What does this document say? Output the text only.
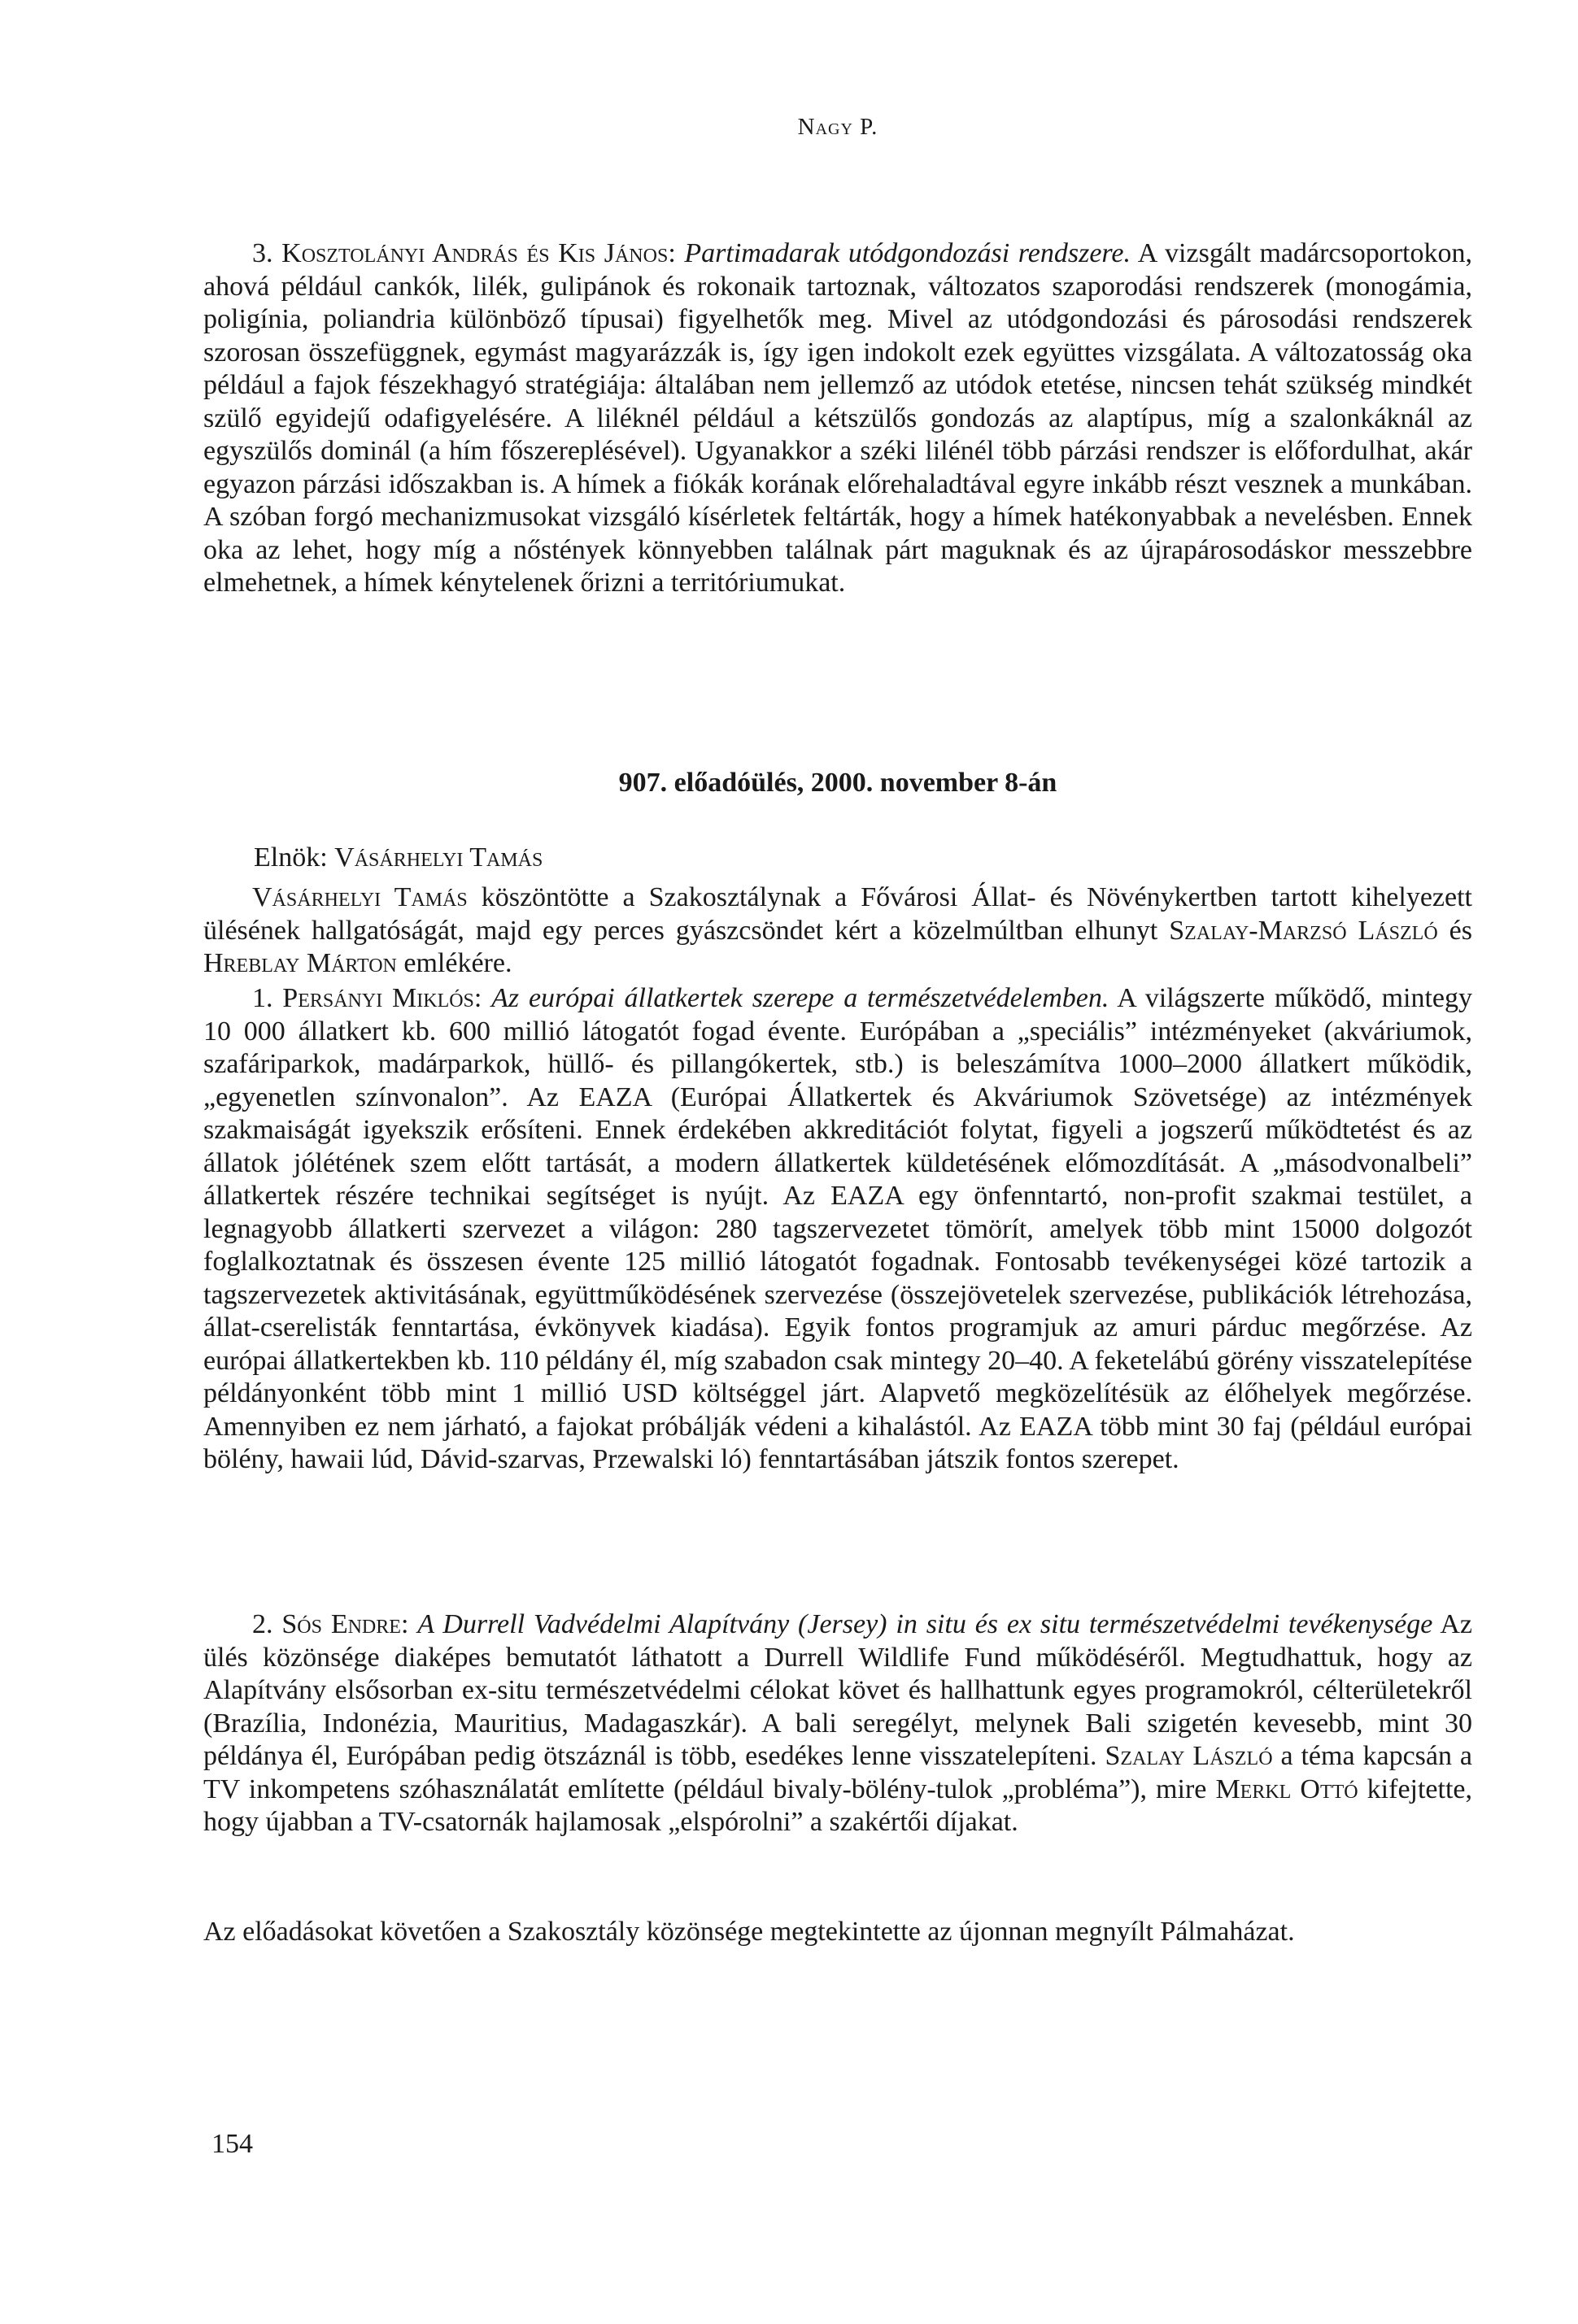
Nagy P.

3. Kosztolányi András és Kis János: Partimadarak utódgondozási rendszere. A vizsgált madárcsoportokon, ahová például cankók, lilék, gulipánok és rokonaik tartoznak, változatos szaporodási rendszerek (monogámia, poligínia, poliandria különböző típusai) figyelhetők meg. Mivel az utódgondozási és párosodási rendszerek szorosan összefüggnek, egymást magyarázzák is, így igen indokolt ezek együttes vizsgálata. A változatosság oka például a fajok fészekhagyó stratégiája: általában nem jellemző az utódok etetése, nincsen tehát szükség mindkét szülő egyidejű odafigyelésére. A liléknél például a kétszülős gondozás az alaptípus, míg a szalonkáknál az egyszülős dominál (a hím főszereplésével). Ugyanakkor a széki lilénél több párzási rendszer is előfordulhat, akár egyazon párzási időszakban is. A hímek a fiókák korának előrehaladtával egyre inkább részt vesznek a munkában. A szóban forgó mechanizmusokat vizsgáló kísérletek feltárták, hogy a hímek hatékonyabbak a nevelésben. Ennek oka az lehet, hogy míg a nőstények könnyebben találnak párt maguknak és az újrapárosodáskor messzebbre elmehetnek, a hímek kénytelenek őrizni a territóriumukat.

907. előadóülés, 2000. november 8-án
Elnök: Vásárhelyi Tamás

Vásárhelyi Tamás köszöntötte a Szakosztálynak a Fővárosi Állat- és Növénykertben tartott kihelyezett ülésének hallgatóságát, majd egy perces gyászcsöndet kért a közelmúltban elhunyt Szalay-Marzsó László és Hreblay Márton emlékére.

1. Persányi Miklós: Az európai állatkertek szerepe a természetvédelemben. A világszerte működő, mintegy 10 000 állatkert kb. 600 millió látogatót fogad évente. Európában a „speciális” intézményeket (akváriumok, szafáriparkok, madárparkok, hüllő- és pillangókertek, stb.) is beleszámítva 1000–2000 állatkert működik, „egyenetlen színvonalon”. Az EAZA (Európai Állatkertek és Akváriumok Szövetsége) az intézmények szakmaiságát igyekszik erősíteni. Ennek érdekében akkreditációt folytat, figyeli a jogszerű működtetést és az állatok jólétének szem előtt tartását, a modern állatkertek küldetésének előmozdítását. A „másodvonalbeli” állatkertek részére technikai segítséget is nyújt. Az EAZA egy önfenntartó, non-profit szakmai testület, a legnagyobb állatkerti szervezet a világon: 280 tagszervezetet tömörít, amelyek több mint 15000 dolgozót foglalkoztatnak és összesen évente 125 millió látogatót fogadnak. Fontosabb tevékenységei közé tartozik a tagszervezetek aktivitásának, együttműködésének szervezése (összejövetelek szervezése, publikációk létrehozása, állat-cserelisták fenntartása, évkönyvek kiadása). Egyik fontos programjuk az amuri párduc megőrzése. Az európai állatkertekben kb. 110 példány él, míg szabadon csak mintegy 20–40. A feketelábú görény visszatelepítése példányonként több mint 1 millió USD költséggel járt. Alapvető megközelítésük az élőhelyek megőrzése. Amennyiben ez nem járható, a fajokat próbálják védeni a kihalástól. Az EAZA több mint 30 faj (például európai bölény, hawaii lúd, Dávid-szarvas, Przewalski ló) fenntartásában játszik fontos szerepet.

2. Sós Endre: A Durrell Vadvédelmi Alapítvány (Jersey) in situ és ex situ természetvédelmi tevékenysége Az ülés közönsége diaképes bemutatót láthatott a Durrell Wildlife Fund működéséről. Megtudhattuk, hogy az Alapítvány elsősorban ex-situ természetvédelmi célokat követ és hallhattunk egyes programokról, célterületekről (Brazília, Indonézia, Mauritius, Madagaszkár). A bali seregélyt, melynek Bali szigetén kevesebb, mint 30 példánya él, Európában pedig ötszáznál is több, esedékes lenne visszatelepíteni. Szalay László a téma kapcsán a TV inkompetens szóhasználatát említette (például bivaly-bölény-tulok „probléma”), mire Merkl Ottó kifejtette, hogy újabban a TV-csatornák hajlamosak „elspórolni” a szakértői díjakat.

Az előadásokat követően a Szakosztály közönsége megtekintette az újonnan megnyílt Pálmaházat.

154
